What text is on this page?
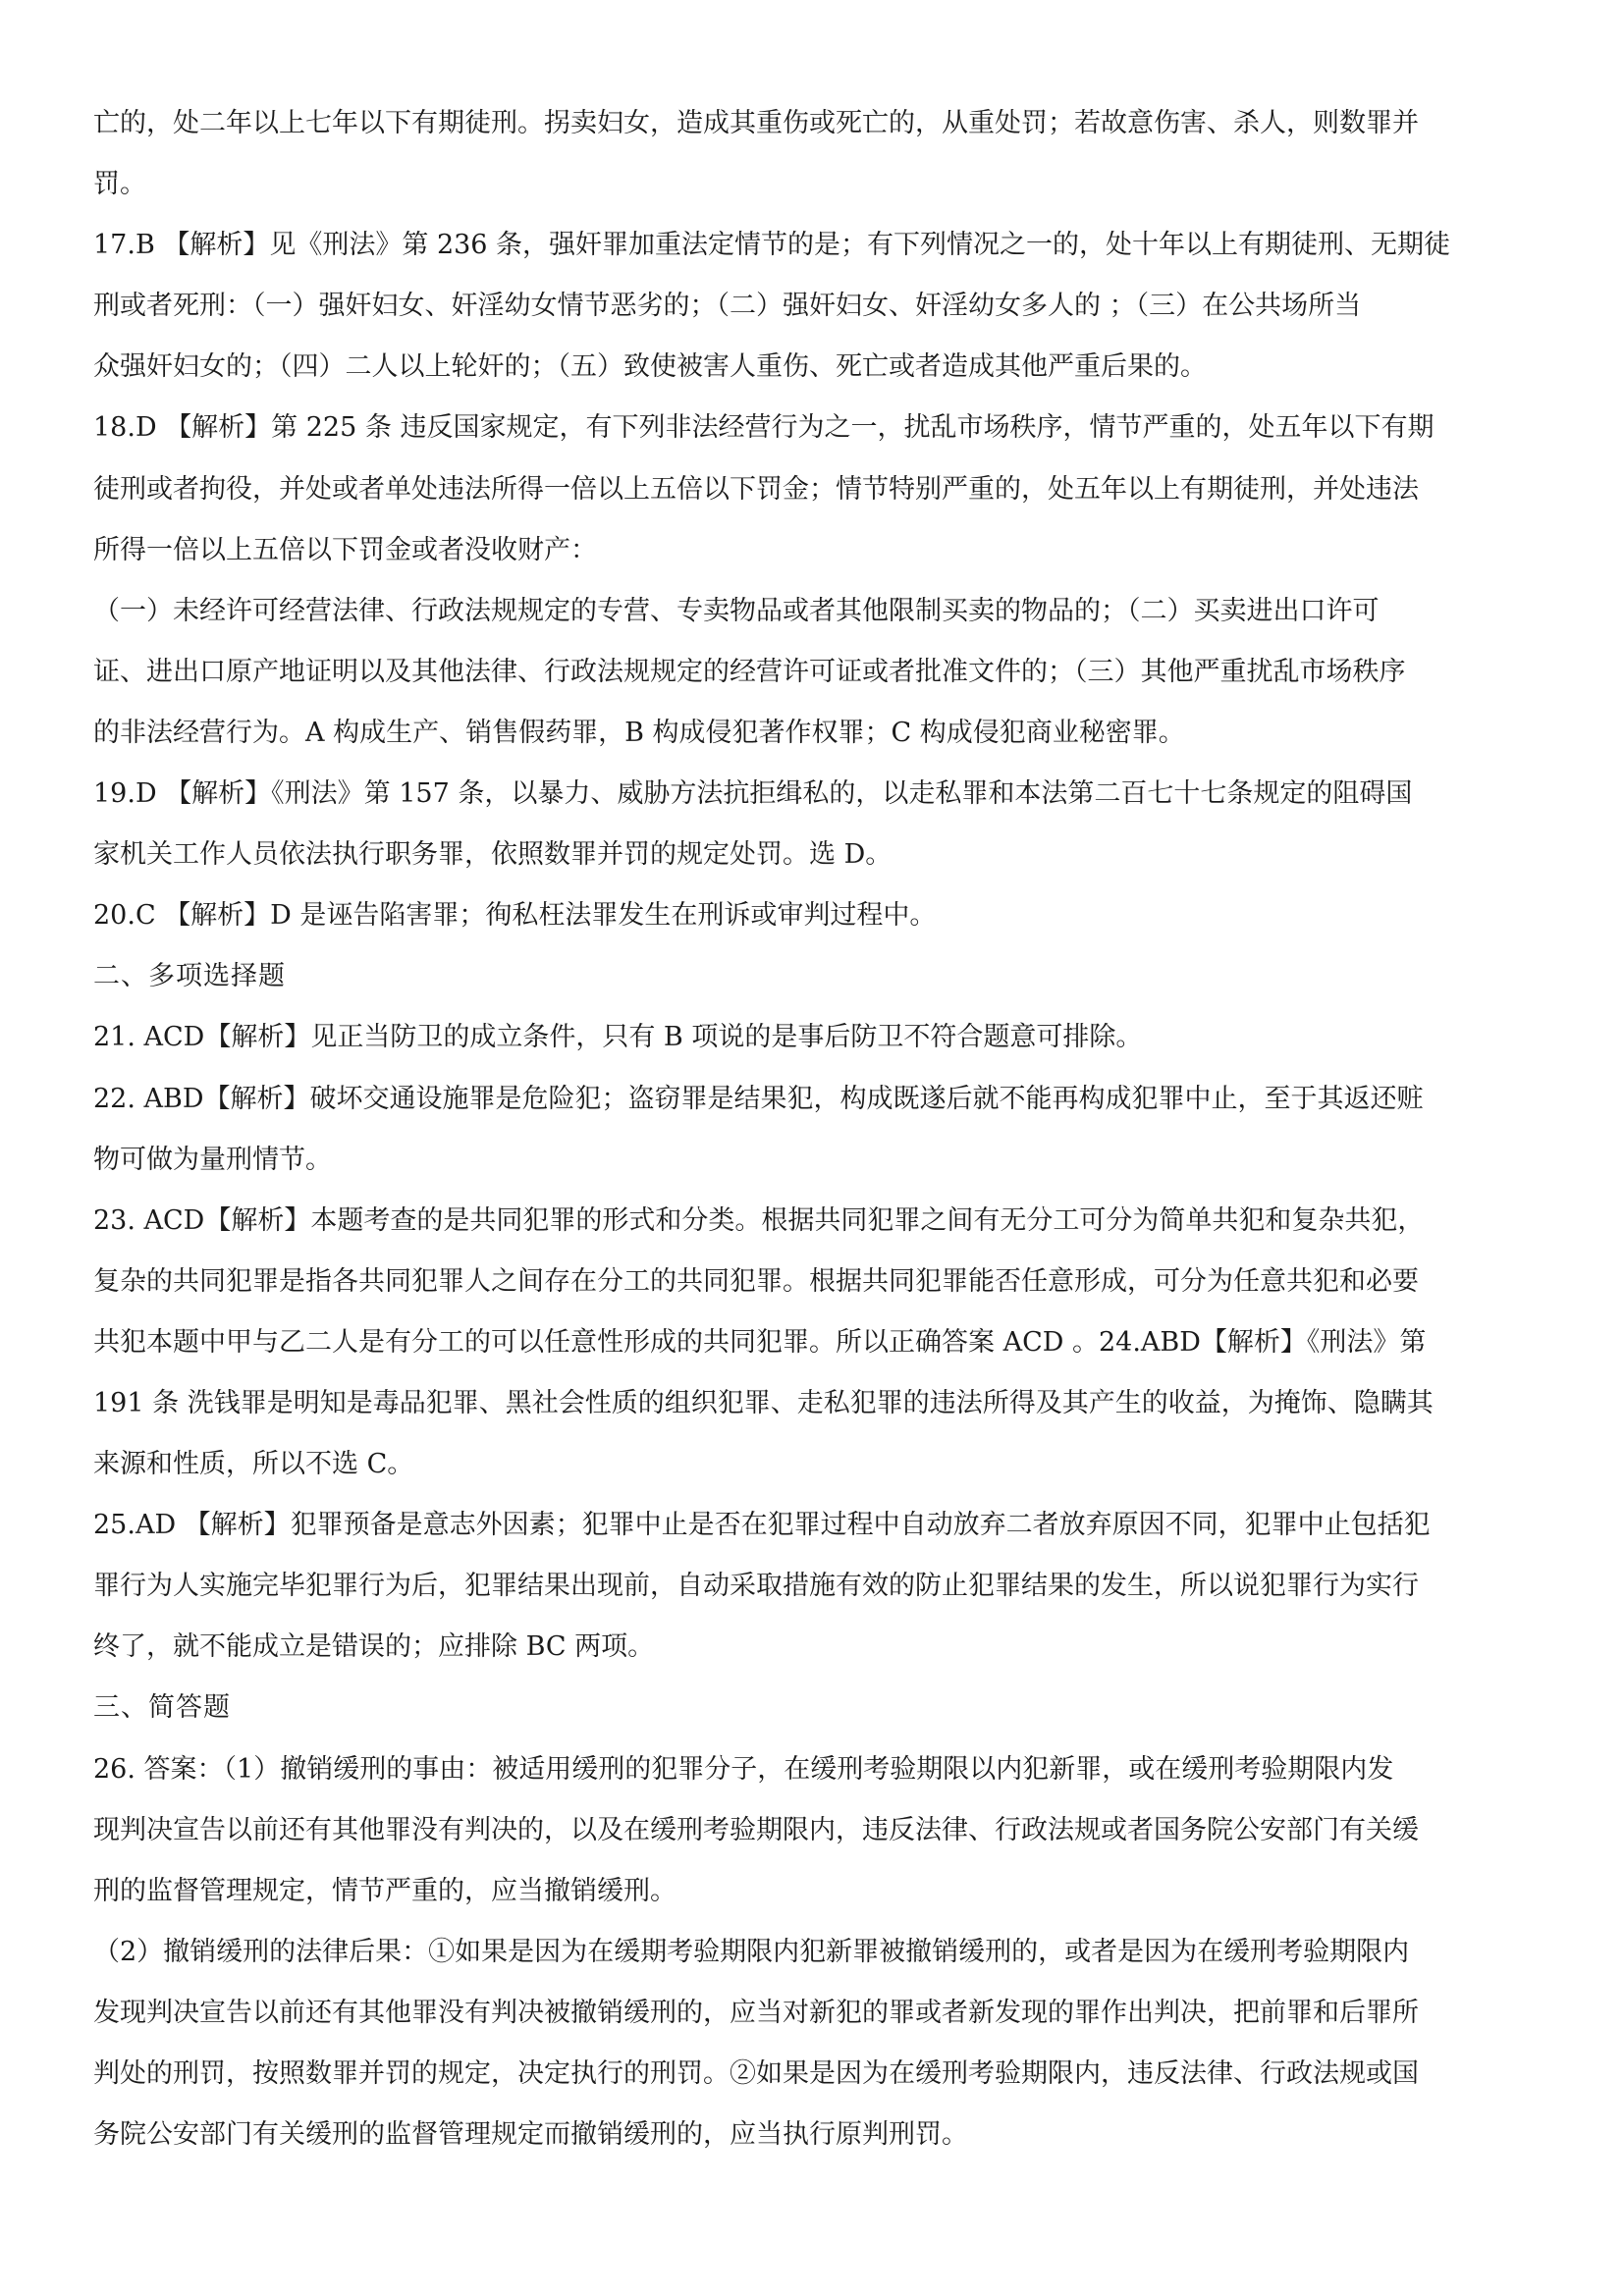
亡的，处二年以上七年以下有期徒刑。拐卖妇女，造成其重伤或死亡的，从重处罚；若故意伤害、杀人，则数罪并
罚。
17.B 【解析】见《刑法》第 236 条，强奸罪加重法定情节的是；有下列情况之一的，处十年以上有期徒刑、无期徒
刑或者死刑：（一）强奸妇女、奸淫幼女情节恶劣的；（二）强奸妇女、奸淫幼女多人的 ；（三）在公共场所当
众强奸妇女的；（四）二人以上轮奸的；（五）致使被害人重伤、死亡或者造成其他严重后果的。
18.D 【解析】第 225 条 违反国家规定，有下列非法经营行为之一，扰乱市场秩序，情节严重的，处五年以下有期
徒刑或者拘役，并处或者单处违法所得一倍以上五倍以下罚金；情节特别严重的，处五年以上有期徒刑，并处违法
所得一倍以上五倍以下罚金或者没收财产：
（一）未经许可经营法律、行政法规规定的专营、专卖物品或者其他限制买卖的物品的；（二）买卖进出口许可
证、进出口原产地证明以及其他法律、行政法规规定的经营许可证或者批准文件的；（三）其他严重扰乱市场秩序
的非法经营行为。A 构成生产、销售假药罪，B 构成侵犯著作权罪；C 构成侵犯商业秘密罪。
19.D 【解析】《刑法》第 157 条，以暴力、威胁方法抗拒缉私的，以走私罪和本法第二百七十七条规定的阻碍国
家机关工作人员依法执行职务罪，依照数罪并罚的规定处罚。选 D。
20.C 【解析】D 是诬告陷害罪；徇私枉法罪发生在刑诉或审判过程中。
二、多项选择题
21. ACD【解析】见正当防卫的成立条件，只有 B 项说的是事后防卫不符合题意可排除。
22. ABD【解析】破坏交通设施罪是危险犯；盗窃罪是结果犯，构成既遂后就不能再构成犯罪中止，至于其返还赃
物可做为量刑情节。
23. ACD【解析】本题考查的是共同犯罪的形式和分类。根据共同犯罪之间有无分工可分为简单共犯和复杂共犯，
复杂的共同犯罪是指各共同犯罪人之间存在分工的共同犯罪。根据共同犯罪能否任意形成，可分为任意共犯和必要
共犯本题中甲与乙二人是有分工的可以任意性形成的共同犯罪。所以正确答案 ACD 。24.ABD【解析】《刑法》第
191 条 洗钱罪是明知是毒品犯罪、黑社会性质的组织犯罪、走私犯罪的违法所得及其产生的收益，为掩饰、隐瞒其
来源和性质，所以不选 C。
25.AD 【解析】犯罪预备是意志外因素；犯罪中止是否在犯罪过程中自动放弃二者放弃原因不同，犯罪中止包括犯
罪行为人实施完毕犯罪行为后，犯罪结果出现前，自动采取措施有效的防止犯罪结果的发生，所以说犯罪行为实行
终了，就不能成立是错误的；应排除 BC 两项。
三、简答题
26. 答案：（1）撤销缓刑的事由：被适用缓刑的犯罪分子，在缓刑考验期限以内犯新罪，或在缓刑考验期限内发
现判决宣告以前还有其他罪没有判决的，以及在缓刑考验期限内，违反法律、行政法规或者国务院公安部门有关缓
刑的监督管理规定，情节严重的，应当撤销缓刑。
（2）撤销缓刑的法律后果：①如果是因为在缓期考验期限内犯新罪被撤销缓刑的，或者是因为在缓刑考验期限内
发现判决宣告以前还有其他罪没有判决被撤销缓刑的，应当对新犯的罪或者新发现的罪作出判决，把前罪和后罪所
判处的刑罚，按照数罪并罚的规定，决定执行的刑罚。②如果是因为在缓刑考验期限内，违反法律、行政法规或国
务院公安部门有关缓刑的监督管理规定而撤销缓刑的，应当执行原判刑罚。
